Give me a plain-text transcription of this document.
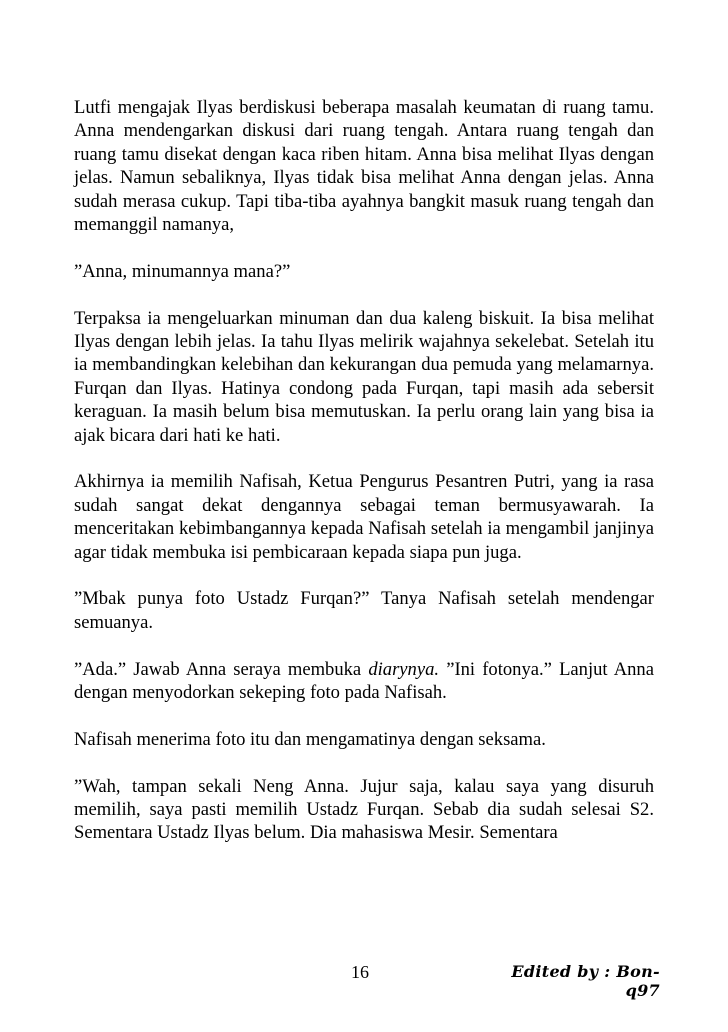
Lutfi mengajak Ilyas berdiskusi beberapa masalah keumatan di ruang tamu. Anna mendengarkan diskusi dari ruang tengah. Antara ruang tengah dan ruang tamu disekat dengan kaca riben hitam. Anna bisa melihat Ilyas dengan jelas. Namun sebaliknya, Ilyas tidak bisa melihat Anna dengan jelas. Anna sudah merasa cukup. Tapi tiba-tiba ayahnya bangkit masuk ruang tengah dan memanggil namanya,

”Anna, minumannya mana?”

Terpaksa ia mengeluarkan minuman dan dua kaleng biskuit. Ia bisa melihat Ilyas dengan lebih jelas. Ia tahu Ilyas melirik wajahnya sekelebat. Setelah itu ia membandingkan kelebihan dan kekurangan dua pemuda yang melamarnya. Furqan dan Ilyas. Hatinya condong pada Furqan, tapi masih ada sebersit keraguan. Ia masih belum bisa memutuskan. Ia perlu orang lain yang bisa ia ajak bicara dari hati ke hati.

Akhirnya ia memilih Nafisah, Ketua Pengurus Pesantren Putri, yang ia rasa sudah sangat dekat dengannya sebagai teman bermusyawarah. Ia menceritakan kebimbangannya kepada Nafisah setelah ia mengambil janjinya agar tidak membuka isi pembicaraan kepada siapa pun juga.

”Mbak punya foto Ustadz Furqan?” Tanya Nafisah setelah mendengar semuanya.

”Ada.” Jawab Anna seraya membuka diarynya. ”Ini fotonya.” Lanjut Anna dengan menyodorkan sekeping foto pada Nafisah.

Nafisah menerima foto itu dan mengamatinya dengan seksama.

”Wah, tampan sekali Neng Anna. Jujur saja, kalau saya yang disuruh memilih, saya pasti memilih Ustadz Furqan. Sebab dia sudah selesai S2. Sementara Ustadz Ilyas belum. Dia mahasiswa Mesir. Sementara

16	Edited by : Bon-q97
